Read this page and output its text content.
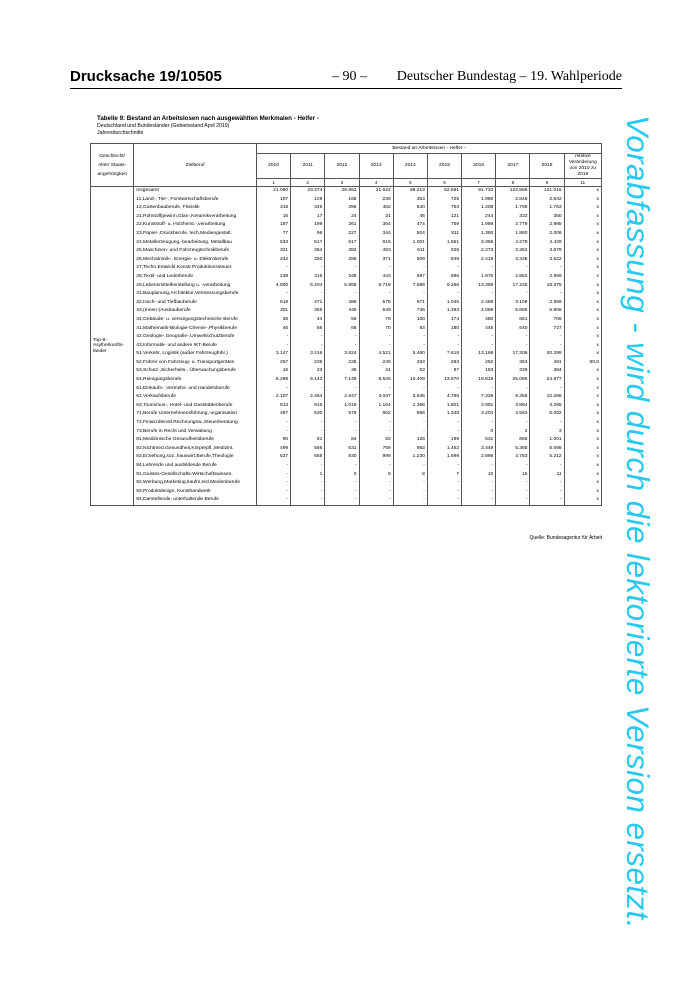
Drucksache 19/10505	– 90 – Deutscher Bundestag – 19. Wahlperiode
Tabelle 9: Bestand an Arbeitslosen nach ausgewählten Merkmalen - Helfer -
Deutschland und Bundesländer (Gebietsstand April 2019)
Jahresdurchschnitte
Geschlecht/ Alter/ Staats- angehörigkeit	Zielberuf	Bestand an Arbeitslosen - Helfer -									
		2010	2011	2012	2013	2014	2015	2016	2017	2018	relative Veränderung von 2010 zu 2018
		1	2	3	4	5	6	7	8	9	11
Top-8-Asylherkunfts-länder	Insgesamt	21.080	23.374	26.653	31.622	38.213	52.581	91.733	122.586	131.016	x
	11,Land-, Tier-, Forstwirtschaftsberufe	107	129	168	236	353	725	1.986	2.846	2.842	x
	12,Gartenbauberufe, Floristik	318	345	396	462	540	753	1.408	1.798	1.763	x
	21,Rohstoffgewinn,Glas-,Keramikverarbeitung	15	17	24	31	45	121	244	333	350	x
	22,Kunststoff- u. Holzherst.-,verarbeitung	187	199	261	364	474	759	1.989	2.779	2.985	x
	23,Papier-,Druckberufe, tech.Mediengestalt.	77	96	227	344	504	811	1.393	1.860	2.006	x
	24,Metallerzeugung,-bearbeitung, Metallbau	533	517	617	816	1.001	1.551	3.356	4.279	4.429	x
	25,Maschinen- und Fahrzeugtechnikberufe	321	354	382	493	611	926	2.273	3.362	3.579	x
	26,Mechatronik-, Energie- u. Elektroberufe	242	250	286	371	509	849	2.419	3.338	3.522	x
	27,Techn.Entwickl.Konstr.Produktionssteuer.	-	-	-	-	-	-	-	-	-	x
	28,Textil- und Lederberufe	239	316	348	443	587	896	1.975	2.852	2.959	x
	29,Lebensmittelherstellung u. -verarbeitung	4.800	5.204	5.858	6.718	7.589	9.266	13.358	17.226	18.375	x
	31,Bauplanung,Architektur,Vermessungsberufe	-	-	-	-	-	-	-	-	-	x
	32,Hoch- und Tiefbauberufe	518	471	486	575	671	1.045	2.468	3.108	2.959	x
	33,(Innen-)Ausbauberufe	301	355	446	549	736	1.393	4.069	5.686	5.906	x
	34,Gebäude- u. versorgungstechnische Berufe	36	44	56	79	100	174	480	661	706	x
	41,Mathematik-Biologie-Chemie-,Physikberufe	46	56	68	70	93	180	445	640	727	x
	42,Geologie-,Geografie-,Umweltschutzberufe	-	-	-	-	-	-	-	-	-	x
	43,Informatik- und andere IKT-Berufe	-	-	-	-	-	-	-	-	-	x
	51,Verkehr, Logistik (außer Fahrzeugführ.)	3.147	3.416	3.824	4.521	5.460	7.618	13.168	17.206	20.299	x
	52,Führer von Fahrzeug- u. Transportgeräten	257	236	235	245	263	293	292	353	491	90,8
	53,Schutz-,Sicherheits-, Überwachungsberufe	16	23	36	41	63	87	183	339	384	x
	54,Reinigungsberufe	5.288	6.143	7.149	8.525	10.409	13.870	19.818	25.066	24.877	x
	61,Einkaufs-, Vertriebs- und Handelsberufe	-	-	-	-	-	-	-	-	-	x
	62,Verkaufsberufe	2.107	2.454	2.647	3.047	3.636	4.758	7.328	9.355	10.268	x
	63,Tourismus-, Hotel- und Gaststättenberufe	913	916	1.018	1.164	1.366	1.801	2.991	3.884	4.295	x
	71,Berufe Unternehmensführung,-organisation	487	530	578	662	856	1.348	3.204	4.563	5.002	x
	72,Finanzdienstl.Rechnungsw.,Steuerberatung	-	-	-	-	-	-	-	-	-	x
	73,Berufe in Recht und Verwaltung	-	-	-	-	-	-	0	2	3	x
	81,Medizinische Gesundheitsberufe	90	81	84	93	128	199	531	865	1.001	x
	82,Nichtmed.Gesundheit,Körperpfl.,Medizint.	499	566	631	769	983	1.452	3.449	5.365	6.066	x
	83,Erziehung,soz.,hauswirt.Berufe,Theologie	537	658	830	999	1.230	1.699	2.896	4.783	5.212	x
	84,Lehrende und ausbildende Berufe	-	-	-	-	-	-	-	-	-	x
	91,Geistes-Gesellschafts-Wirtschaftswissen.	-	1	0	6	8	7	10	15	11	x
	92,Werbung,Marketing,kaufm,red.Medienberufe	-	-	-	-	-	-	-	-	-	x
	93,Produktdesign, Kunsthandwerk	-	-	-	-	-	-	-	-	-	x
	94,Darstellende, unterhaltende Berufe	-	-	-	-	-	-	-	-	-	x
Quelle: Bundesagentur für Arbeit Vorabfassung - wird durch die lektorierte Version ersetzt.
